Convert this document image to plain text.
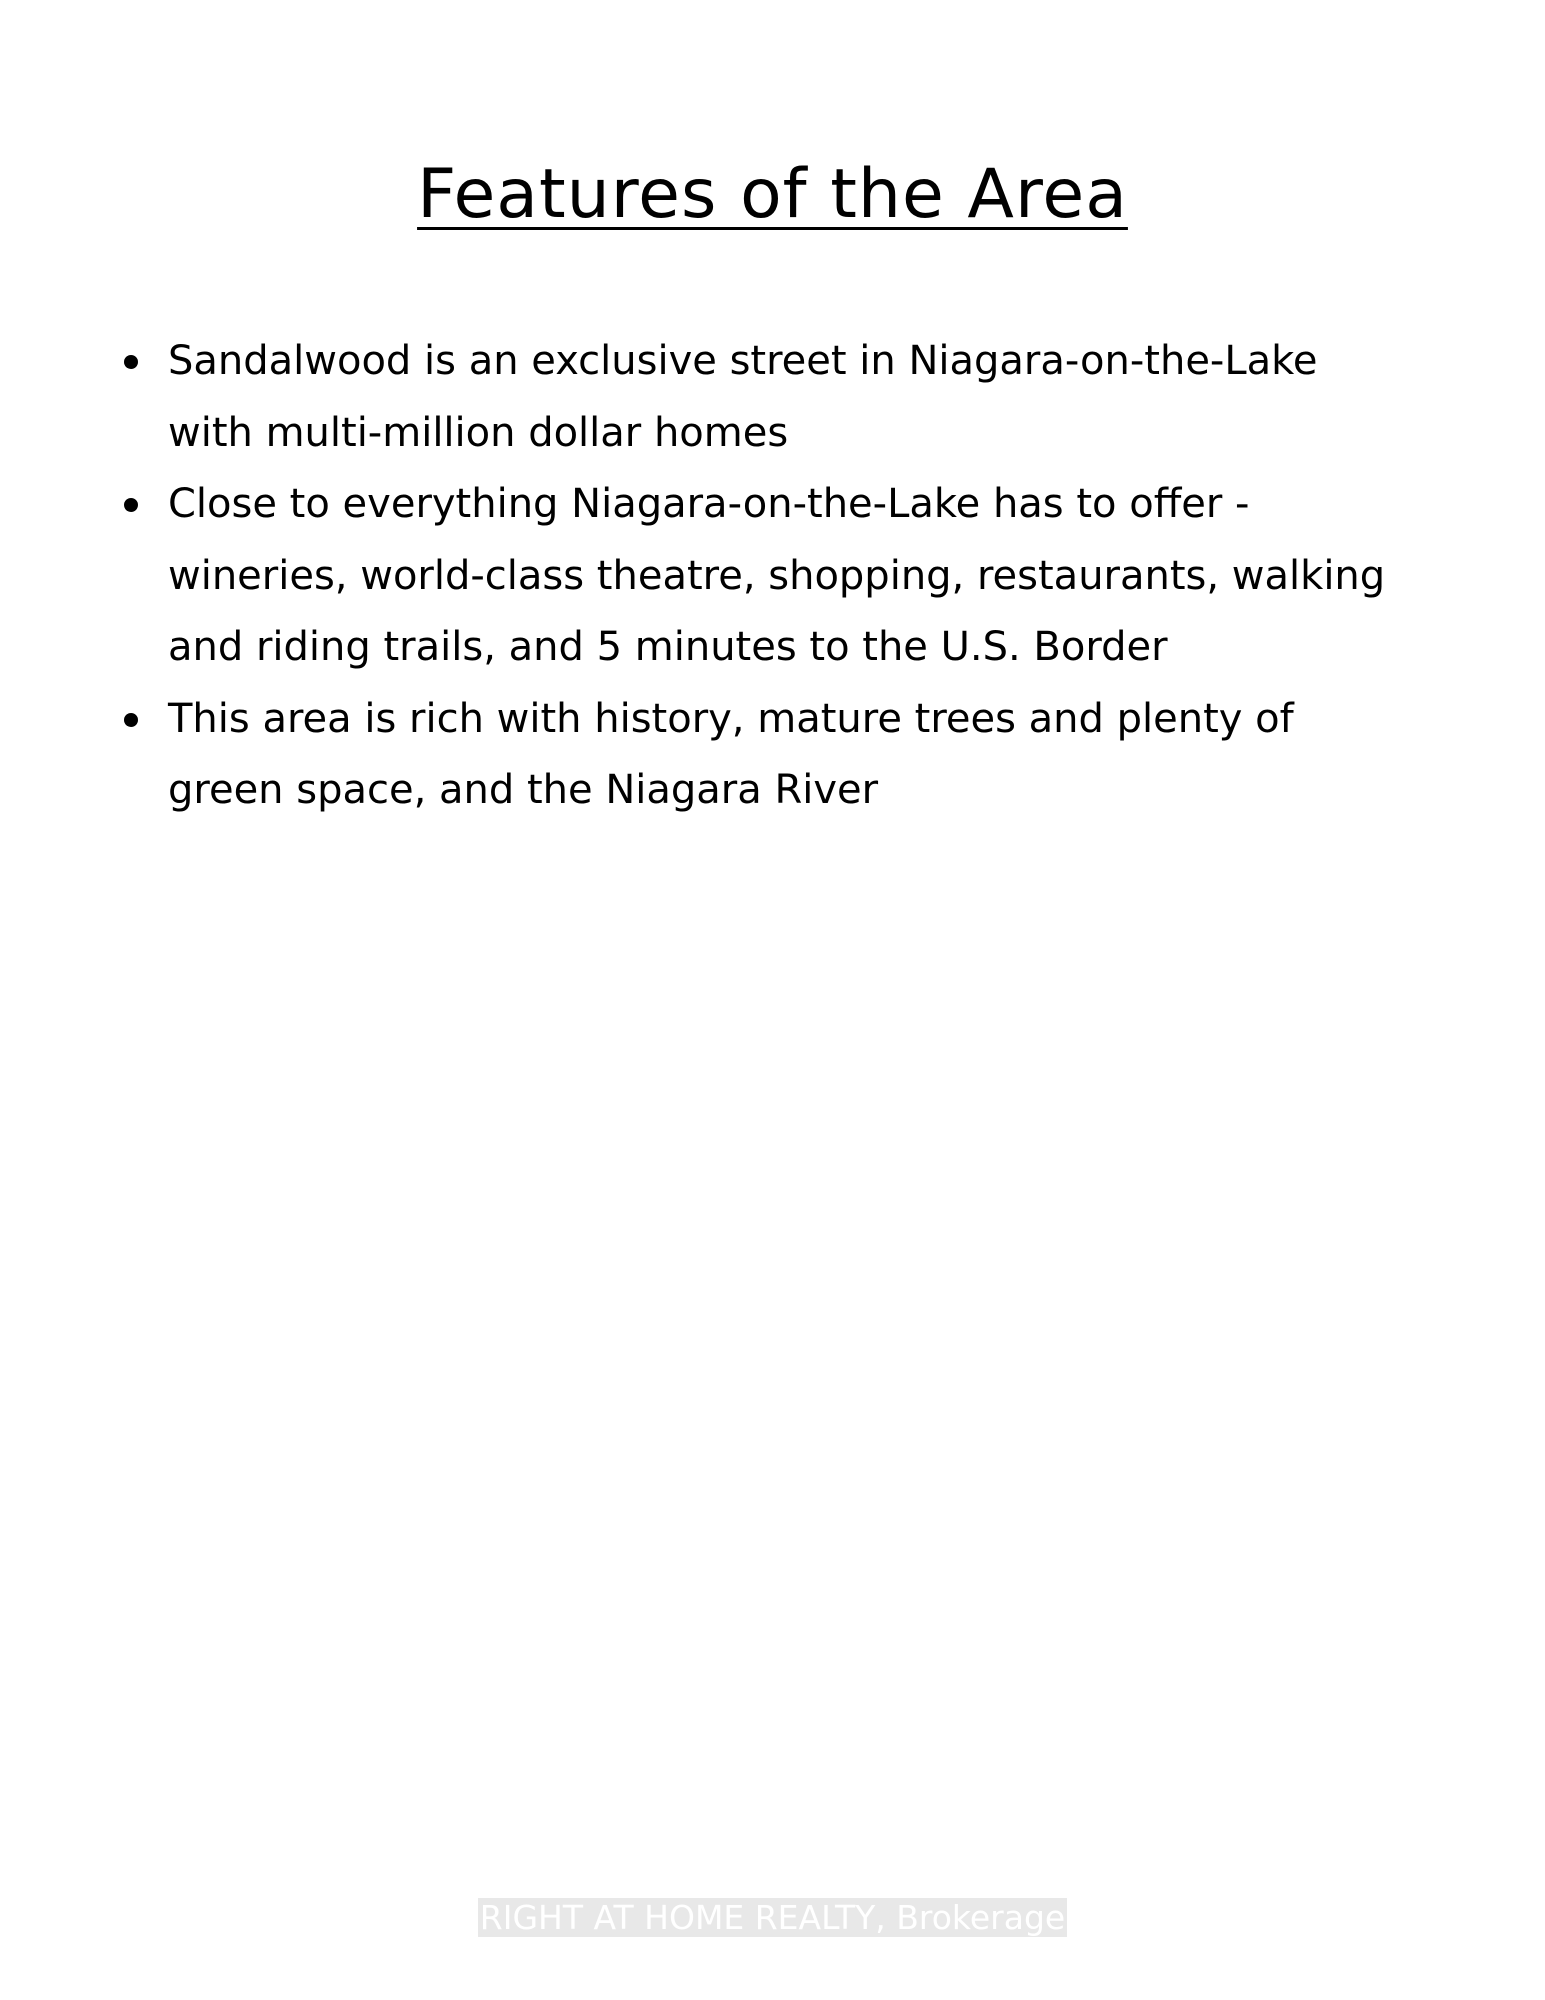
Features of the Area
Sandalwood is an exclusive street in Niagara-on-the-Lake with multi-million dollar homes
Close to everything Niagara-on-the-Lake has to offer - wineries, world-class theatre, shopping, restaurants, walking and riding trails, and 5 minutes to the U.S. Border
This area is rich with history, mature trees and plenty of green space, and the Niagara River
RIGHT AT HOME REALTY, Brokerage
